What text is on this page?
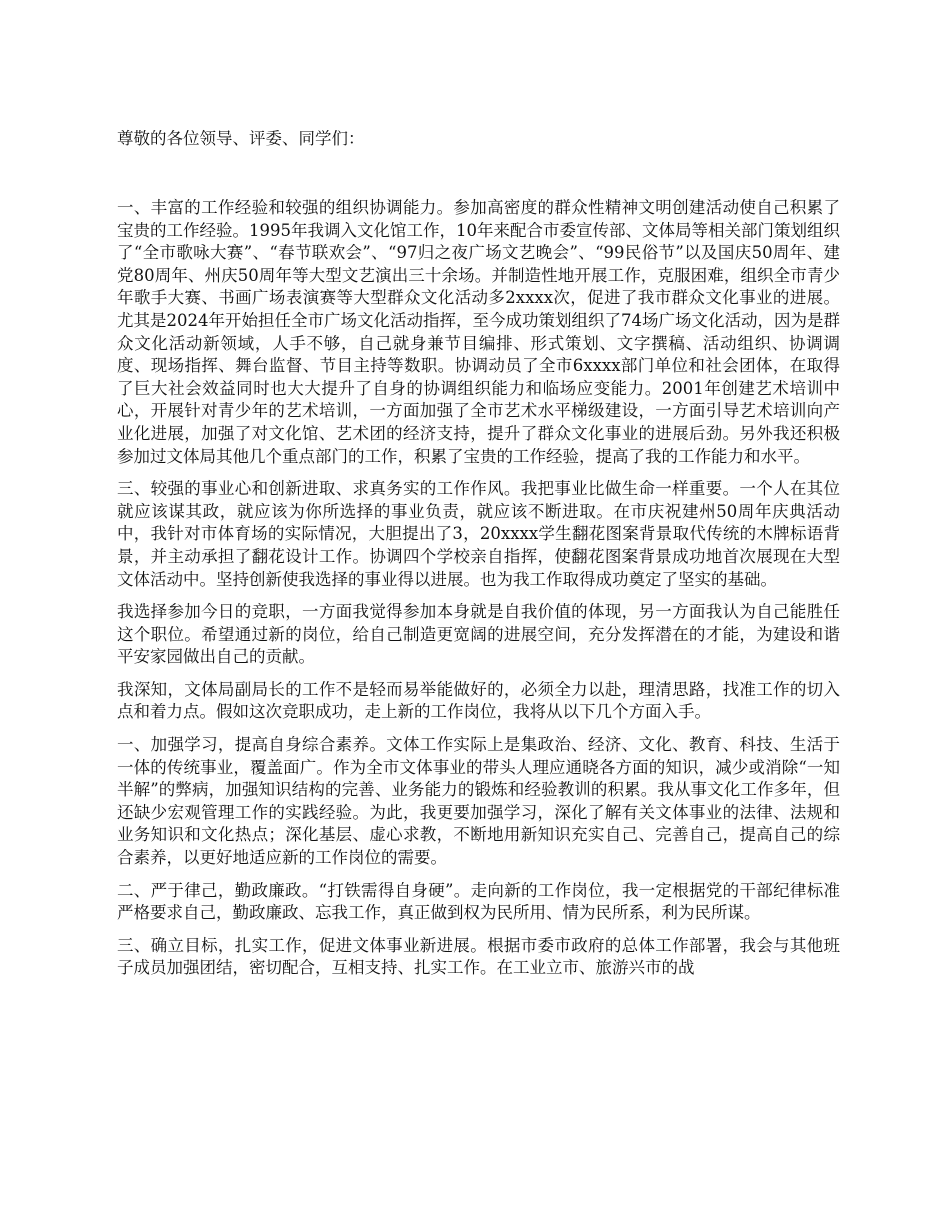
尊敬的各位领导、评委、同学们：

一、丰富的工作经验和较强的组织协调能力。参加高密度的群众性精神文明创建活动使自己积累了宝贵的工作经验。1995年我调入文化馆工作，10年来配合市委宣传部、文体局等相关部门策划组织了“全市歌咏大赛”、“春节联欢会”、“97归之夜广场文艺晚会”、“99民俗节”以及国庆50周年、建党80周年、州庆50周年等大型文艺演出三十余场。并制造性地开展工作，克服困难，组织全市青少年歌手大赛、书画广场表演赛等大型群众文化活动多2xxxx次，促进了我市群众文化事业的进展。尤其是2024年开始担任全市广场文化活动指挥，至今成功策划组织了74场广场文化活动，因为是群众文化活动新领域，人手不够，自己就身兼节目编排、形式策划、文字撰稿、活动组织、协调调度、现场指挥、舞台监督、节目主持等数职。协调动员了全市6xxxx部门单位和社会团体，在取得了巨大社会效益同时也大大提升了自身的协调组织能力和临场应变能力。2001年创建艺术培训中心，开展针对青少年的艺术培训，一方面加强了全市艺术水平梯级建设，一方面引导艺术培训向产业化进展，加强了对文化馆、艺术团的经济支持，提升了群众文化事业的进展后劲。另外我还积极参加过文体局其他几个重点部门的工作，积累了宝贵的工作经验，提高了我的工作能力和水平。

三、较强的事业心和创新进取、求真务实的工作作风。我把事业比做生命一样重要。一个人在其位就应该谋其政，就应该为你所选择的事业负责，就应该不断进取。在市庆祝建州50周年庆典活动中，我针对市体育场的实际情况，大胆提出了3，20xxxx学生翻花图案背景取代传统的木牌标语背景，并主动承担了翻花设计工作。协调四个学校亲自指挥，使翻花图案背景成功地首次展现在大型文体活动中。坚持创新使我选择的事业得以进展。也为我工作取得成功奠定了坚实的基础。

我选择参加今日的竞职，一方面我觉得参加本身就是自我价值的体现，另一方面我认为自己能胜任这个职位。希望通过新的岗位，给自己制造更宽阔的进展空间，充分发挥潜在的才能，为建设和谐平安家园做出自己的贡献。

我深知，文体局副局长的工作不是轻而易举能做好的，必须全力以赴，理清思路，找准工作的切入点和着力点。假如这次竞职成功，走上新的工作岗位，我将从以下几个方面入手。

一、加强学习，提高自身综合素养。文体工作实际上是集政治、经济、文化、教育、科技、生活于一体的传统事业，覆盖面广。作为全市文体事业的带头人理应通晓各方面的知识，减少或消除“一知半解”的弊病，加强知识结构的完善、业务能力的锻炼和经验教训的积累。我从事文化工作多年，但还缺少宏观管理工作的实践经验。为此，我更要加强学习，深化了解有关文体事业的法律、法规和业务知识和文化热点；深化基层、虚心求教，不断地用新知识充实自己、完善自己，提高自己的综合素养，以更好地适应新的工作岗位的需要。

二、严于律己，勤政廉政。“打铁需得自身硬”。走向新的工作岗位，我一定根据党的干部纪律标准严格要求自己，勤政廉政、忘我工作，真正做到权为民所用、情为民所系，利为民所谋。

三、确立目标，扎实工作，促进文体事业新进展。根据市委市政府的总体工作部署，我会与其他班子成员加强团结，密切配合，互相支持、扎实工作。在工业立市、旅游兴市的战
